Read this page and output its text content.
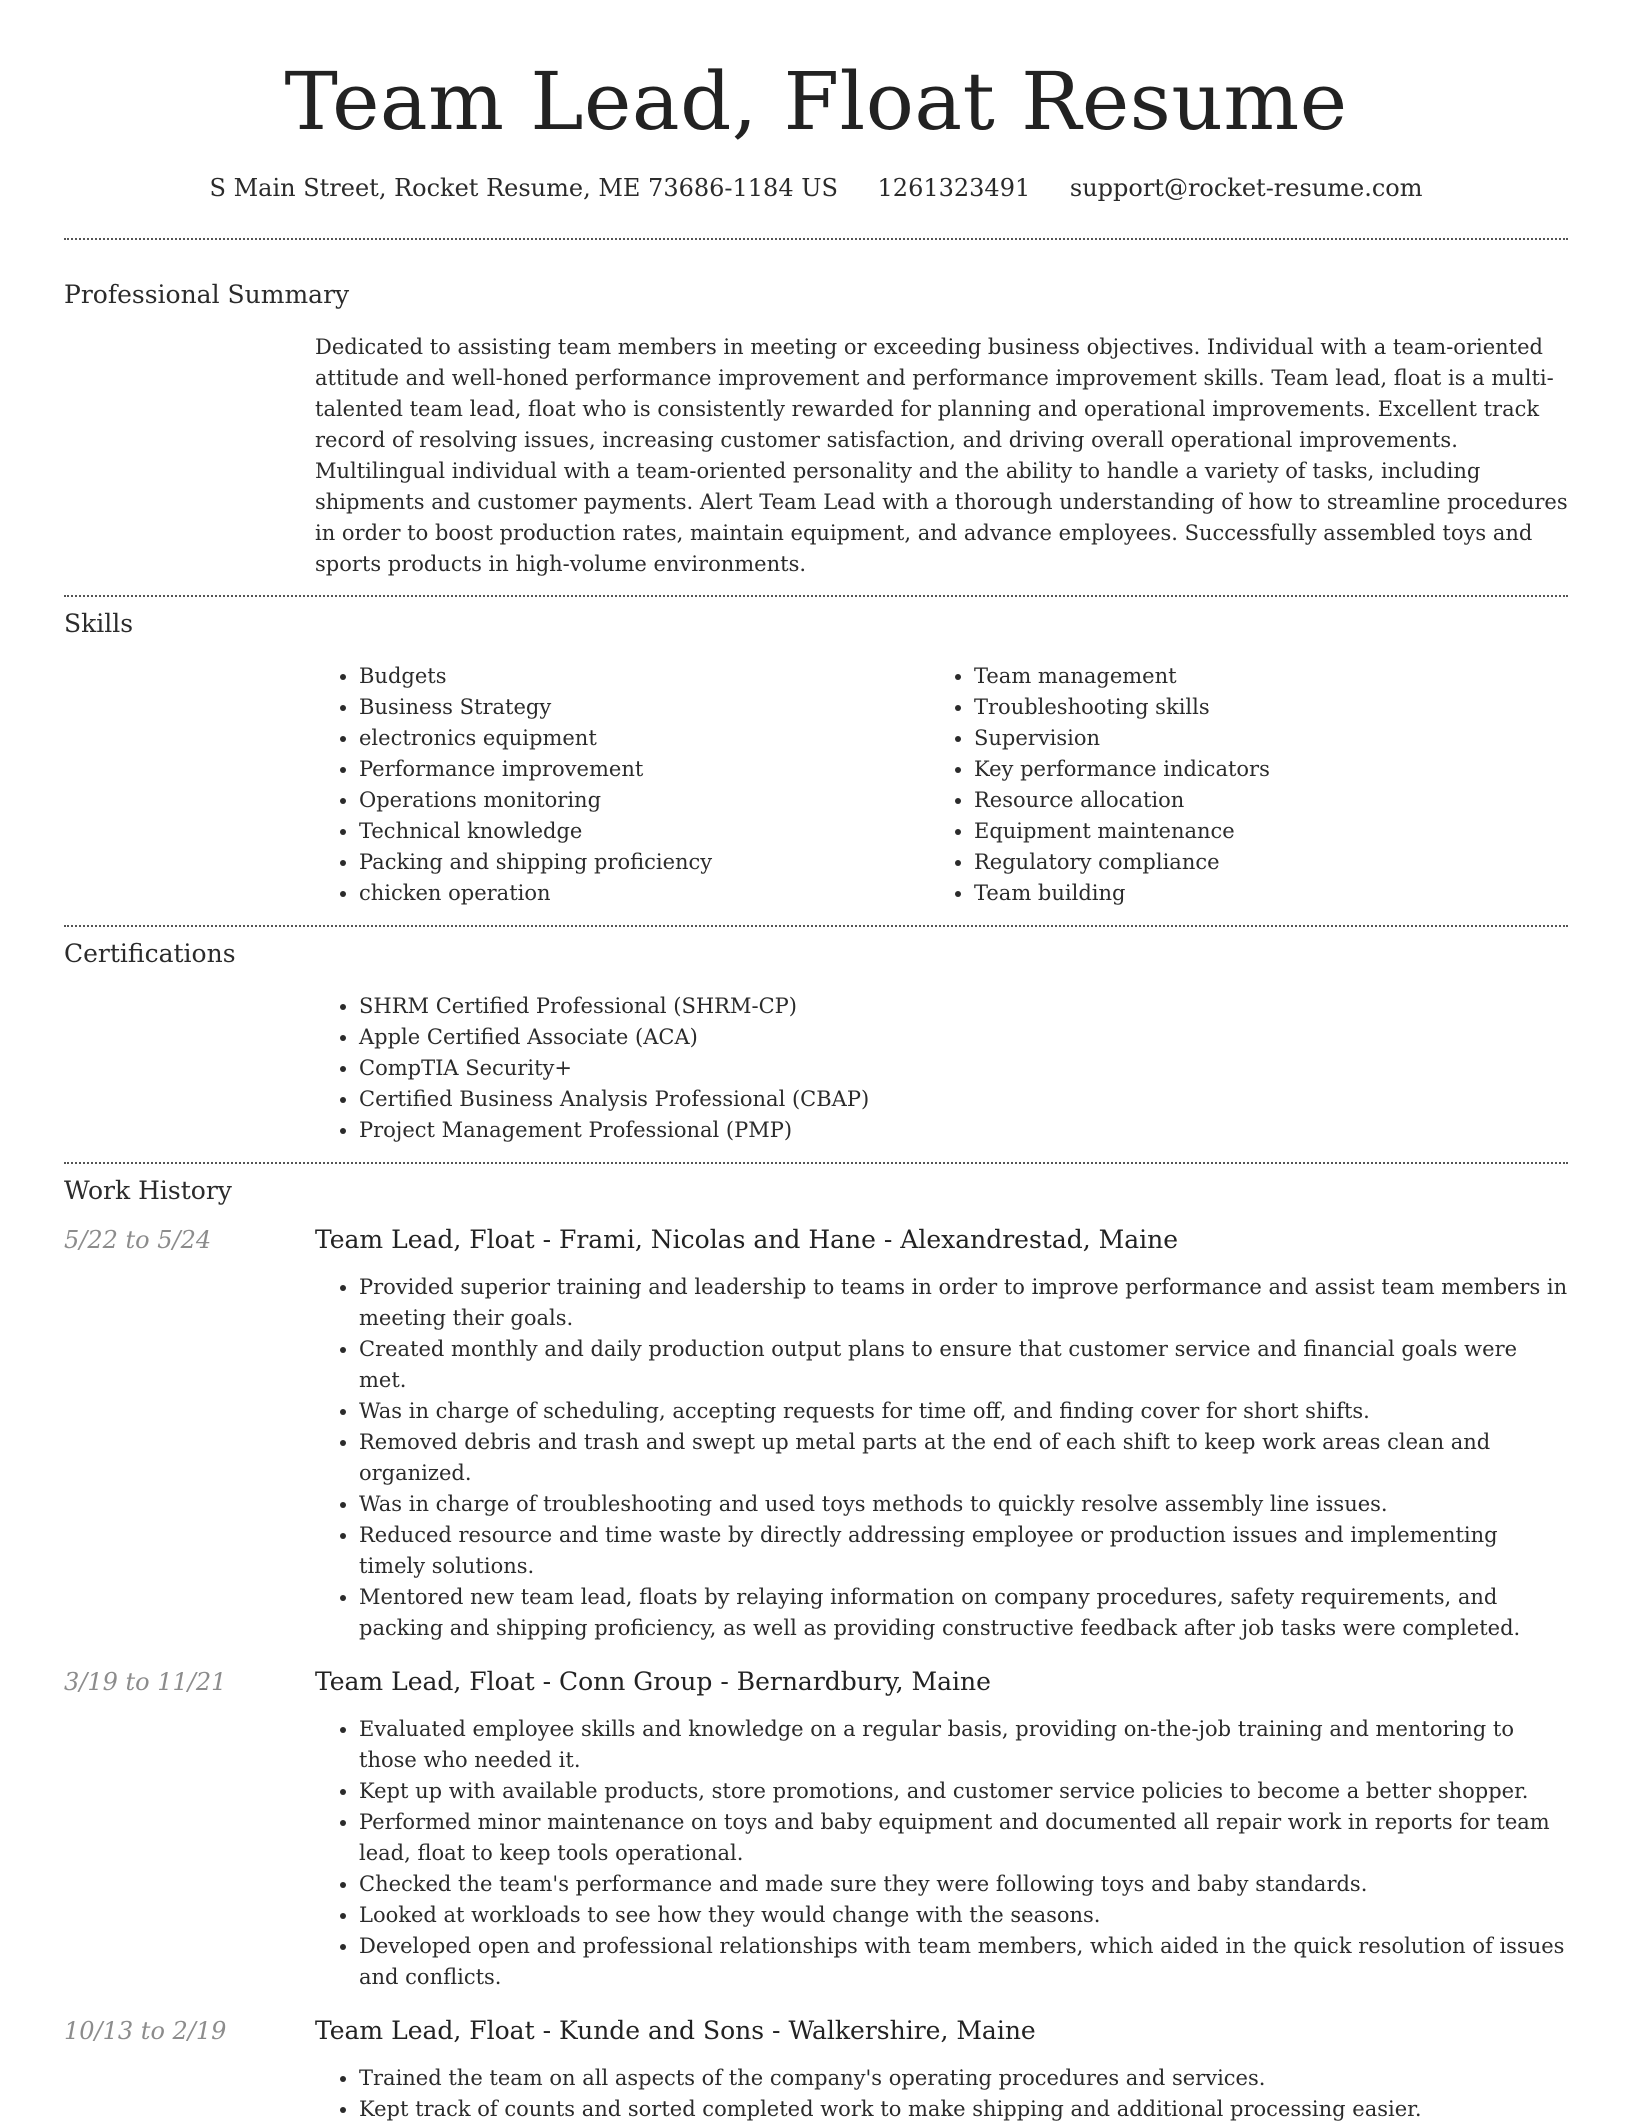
Team Lead, Float Resume
S Main Street, Rocket Resume, ME 73686-1184 US 1261323491 support@rocket-resume.com
Professional Summary

Dedicated to assisting team members in meeting or exceeding business objectives. Individual with a team-oriented attitude and well-honed performance improvement and performance improvement skills. Team lead, float is a multi-talented team lead, float who is consistently rewarded for planning and operational improvements. Excellent track record of resolving issues, increasing customer satisfaction, and driving overall operational improvements. Multilingual individual with a team-oriented personality and the ability to handle a variety of tasks, including shipments and customer payments. Alert Team Lead with a thorough understanding of how to streamline procedures in order to boost production rates, maintain equipment, and advance employees. Successfully assembled toys and sports products in high-volume environments.

Skills
• Budgets
• Business Strategy
• electronics equipment
• Performance improvement
• Operations monitoring
• Technical knowledge
• Packing and shipping proficiency
• chicken operation
• Team management
• Troubleshooting skills
• Supervision
• Key performance indicators
• Resource allocation
• Equipment maintenance
• Regulatory compliance
• Team building
Certifications
• SHRM Certified Professional (SHRM-CP)
• Apple Certified Associate (ACA)
• CompTIA Security+
• Certified Business Analysis Professional (CBAP)
• Project Management Professional (PMP)
Work History
5/22 to 5/24	Team Lead, Float - Frami, Nicolas and Hane - Alexandrestad, Maine
• Provided superior training and leadership to teams in order to improve performance and assist team members in meeting their goals.
• Created monthly and daily production output plans to ensure that customer service and financial goals were met.
• Was in charge of scheduling, accepting requests for time off, and finding cover for short shifts.
• Removed debris and trash and swept up metal parts at the end of each shift to keep work areas clean and organized.
• Was in charge of troubleshooting and used toys methods to quickly resolve assembly line issues.
• Reduced resource and time waste by directly addressing employee or production issues and implementing timely solutions.
• Mentored new team lead, floats by relaying information on company procedures, safety requirements, and packing and shipping proficiency, as well as providing constructive feedback after job tasks were completed.
3/19 to 11/21	Team Lead, Float - Conn Group - Bernardbury, Maine
• Evaluated employee skills and knowledge on a regular basis, providing on-the-job training and mentoring to those who needed it.
• Kept up with available products, store promotions, and customer service policies to become a better shopper.
• Performed minor maintenance on toys and baby equipment and documented all repair work in reports for team lead, float to keep tools operational.
• Checked the team's performance and made sure they were following toys and baby standards.
• Looked at workloads to see how they would change with the seasons.
• Developed open and professional relationships with team members, which aided in the quick resolution of issues and conflicts.
10/13 to 2/19	Team Lead, Float - Kunde and Sons - Walkershire, Maine
• Trained the team on all aspects of the company's operating procedures and services.
• Kept track of counts and sorted completed work to make shipping and additional processing easier.
